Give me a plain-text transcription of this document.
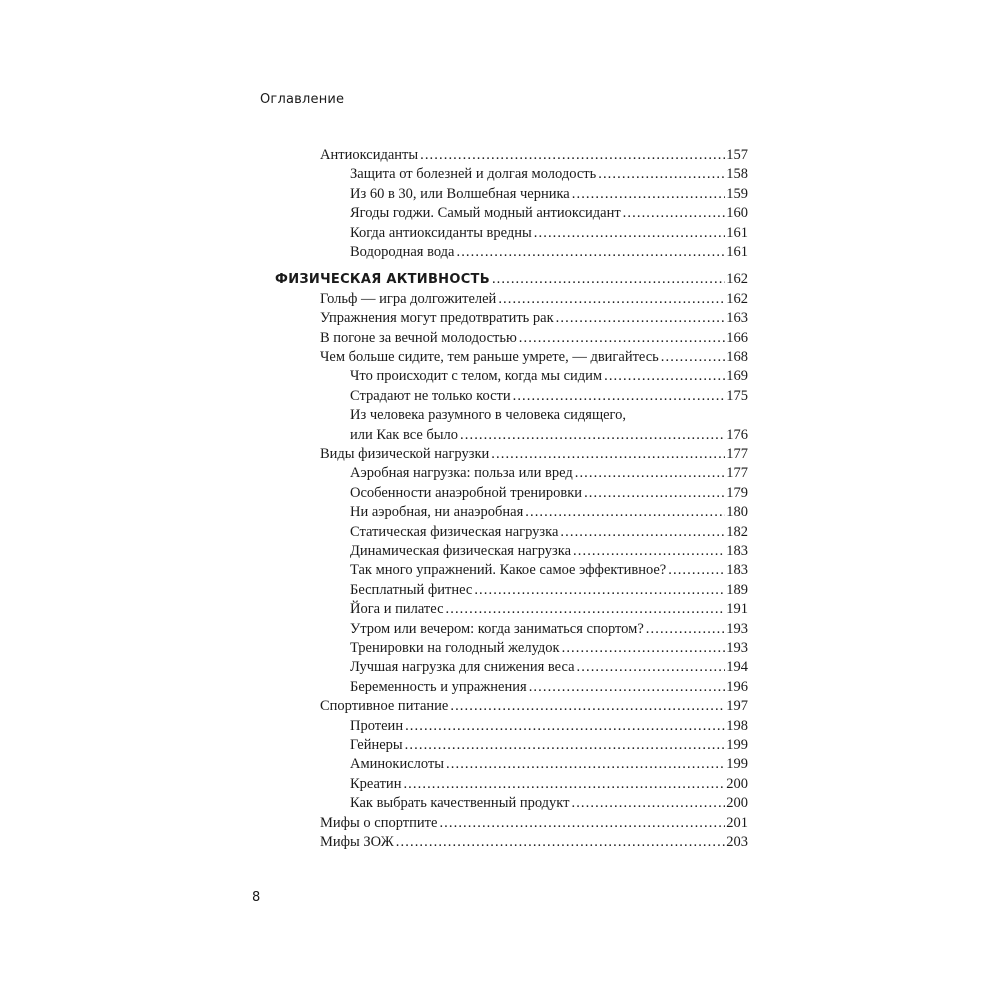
Оглавление
Антиоксиданты .....	157
Защита от болезней и долгая молодость .....	158
Из 60 в 30, или Волшебная черника .....	159
Ягоды годжи. Самый модный антиоксидант .....	160
Когда антиоксиданты вредны .....	161
Водородная вода .....	161
ФИЗИЧЕСКАЯ АКТИВНОСТЬ .....	162
Гольф — игра долгожителей .....	162
Упражнения могут предотвратить рак .....	163
В погоне за вечной молодостью .....	166
Чем больше сидите, тем раньше умрете, — двигайтесь .....	168
Что происходит с телом, когда мы сидим .....	169
Страдают не только кости .....	175
Из человека разумного в человека сидящего,
или Как все было .....	176
Виды физической нагрузки .....	177
Аэробная нагрузка: польза или вред .....	177
Особенности анаэробной тренировки .....	179
Ни аэробная, ни анаэробная .....	180
Статическая физическая нагрузка .....	182
Динамическая физическая нагрузка .....	183
Так много упражнений. Какое самое эффективное? .....	183
Бесплатный фитнес .....	189
Йога и пилатес .....	191
Утром или вечером: когда заниматься спортом? .....	193
Тренировки на голодный желудок .....	193
Лучшая нагрузка для снижения веса .....	194
Беременность и упражнения .....	196
Спортивное питание .....	197
Протеин .....	198
Гейнеры .....	199
Аминокислоты .....	199
Креатин .....	200
Как выбрать качественный продукт .....	200
Мифы о спортпите .....	201
Мифы ЗОЖ .....	203
8
